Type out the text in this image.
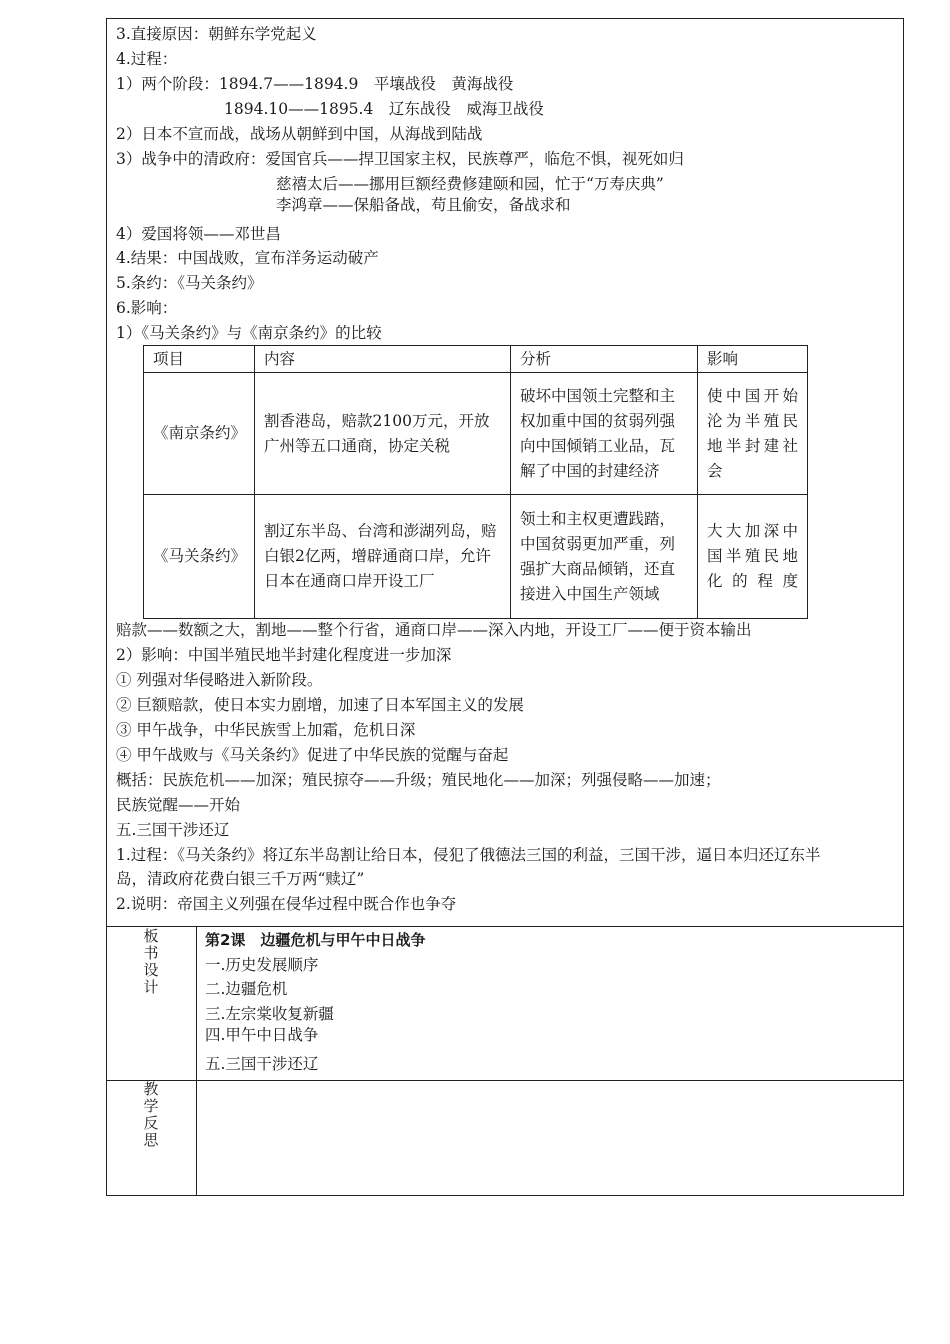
3.直接原因：朝鲜东学党起义
4.过程：
1）两个阶段：1894.7——1894.9　平壤战役　黄海战役
1894.10——1895.4　辽东战役　威海卫战役
2）日本不宣而战，战场从朝鲜到中国，从海战到陆战
3）战争中的清政府：爱国官兵——捍卫国家主权，民族尊严，临危不惧，视死如归
慈禧太后——挪用巨额经费修建颐和园，忙于“万寿庆典”
李鸿章——保船备战，苟且偷安，备战求和
4）爱国将领——邓世昌
4.结果：中国战败，宣布洋务运动破产
5.条约：《马关条约》
6.影响：
1）《马关条约》与《南京条约》的比较
项目	内容	分析	影响
《南京条约》	割香港岛，赔款2100万元，开放广州等五口通商，协定关税	破坏中国领土完整和主权加重中国的贫弱列强向中国倾销工业品，瓦解了中国的封建经济	使中国开始沦为半殖民地半封建社会
《马关条约》	割辽东半岛、台湾和澎湖列岛，赔白银2亿两，增辟通商口岸，允许日本在通商口岸开设工厂	领土和主权更遭践踏，中国贫弱更加严重，列强扩大商品倾销，还直接进入中国生产领域	大大加深中国半殖民地化的程度
赔款——数额之大，割地——整个行省，通商口岸——深入内地，开设工厂——便于资本输出
2）影响：中国半殖民地半封建化程度进一步加深
① 列强对华侵略进入新阶段。
② 巨额赔款，使日本实力剧增，加速了日本军国主义的发展
③ 甲午战争，中华民族雪上加霜，危机日深
④ 甲午战败与《马关条约》促进了中华民族的觉醒与奋起
概括：民族危机——加深；殖民掠夺——升级；殖民地化——加深；列强侵略——加速；
民族觉醒——开始
五.三国干涉还辽
1.过程：《马关条约》将辽东半岛割让给日本，侵犯了俄德法三国的利益，三国干涉，逼日本归还辽东半
岛，清政府花费白银三千万两“赎辽”
2.说明：帝国主义列强在侵华过程中既合作也争夺
板书设计
第2课　边疆危机与甲午中日战争
一.历史发展顺序
二.边疆危机
三.左宗棠收复新疆
四.甲午中日战争
五.三国干涉还辽
教学反思
